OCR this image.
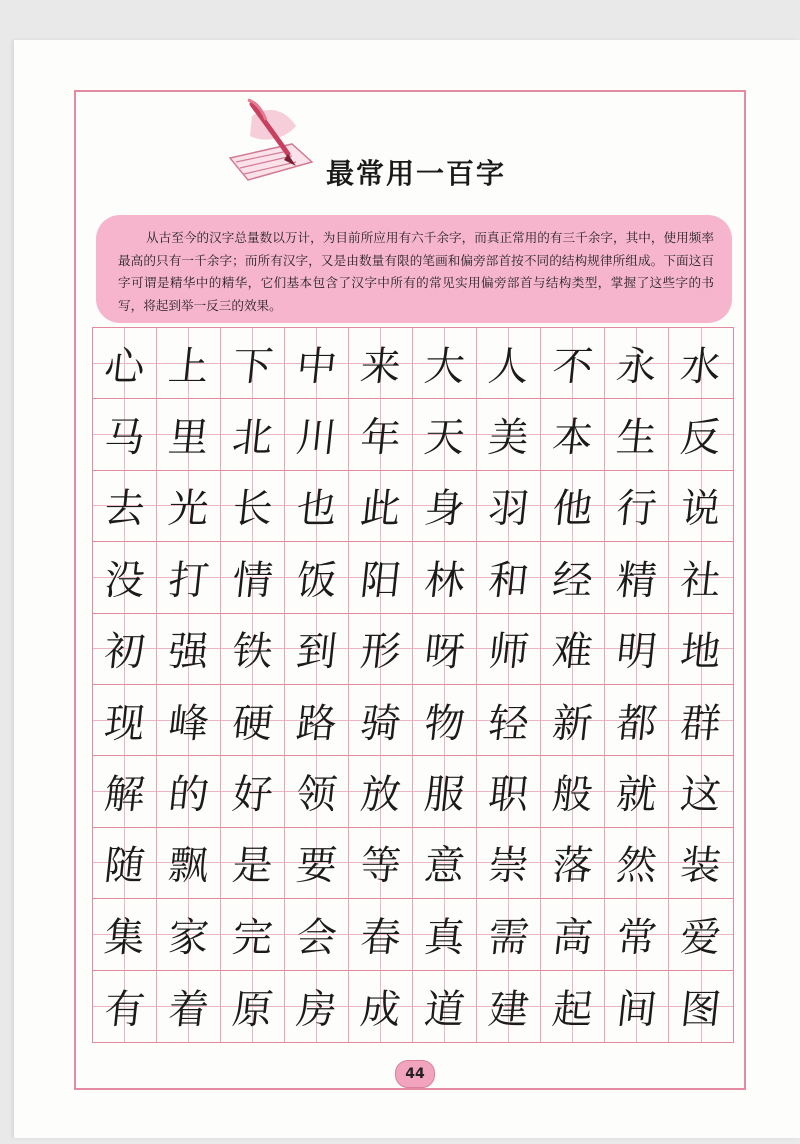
最常用一百字
从古至今的汉字总量数以万计，为目前所应用有六千余字，而真正常用的有三千余字，其中，使用频率最高的只有一千余字；而所有汉字，又是由数量有限的笔画和偏旁部首按不同的结构规律所组成。下面这百字可谓是精华中的精华，它们基本包含了汉字中所有的常见实用偏旁部首与结构类型，掌握了这些字的书写，将起到举一反三的效果。
心 上 下 中 来 大 人 不 永 水
马 里 北 川 年 天 美 本 生 反
去 光 长 也 此 身 羽 他 行 说
没 打 情 饭 阳 林 和 经 精 社
初 强 铁 到 形 呀 师 难 明 地
现 峰 硬 路 骑 物 轻 新 都 群
解 的 好 领 放 服 职 般 就 这
随 飘 是 要 等 意 崇 落 然 装
集 家 完 会 春 真 需 高 常 爱
有 着 原 房 成 道 建 起 间 图
44
